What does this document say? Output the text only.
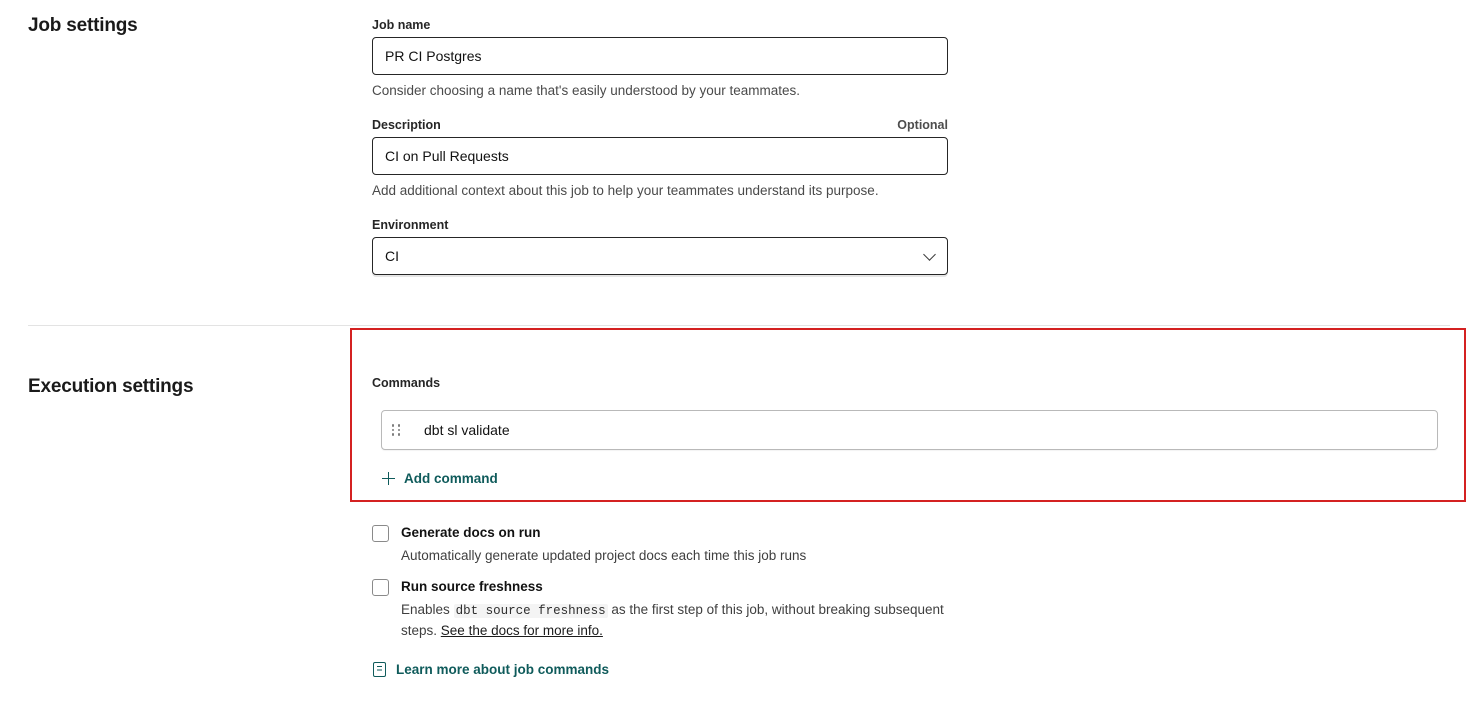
Job settings	Job name
PR CI Postgres
Consider choosing a name that's easily understood by your teammates.
Description	Optional
CI on Pull Requests
Add additional context about this job to help your teammates understand its purpose.
Environment
CI
Execution settings	Commands
dbt sl validate
Add command
Generate docs on run
Automatically generate updated project docs each time this job runs
Run source freshness
Enables dbt source freshness as the first step of this job, without breaking subsequent steps. See the docs for more info.
Learn more about job commands
